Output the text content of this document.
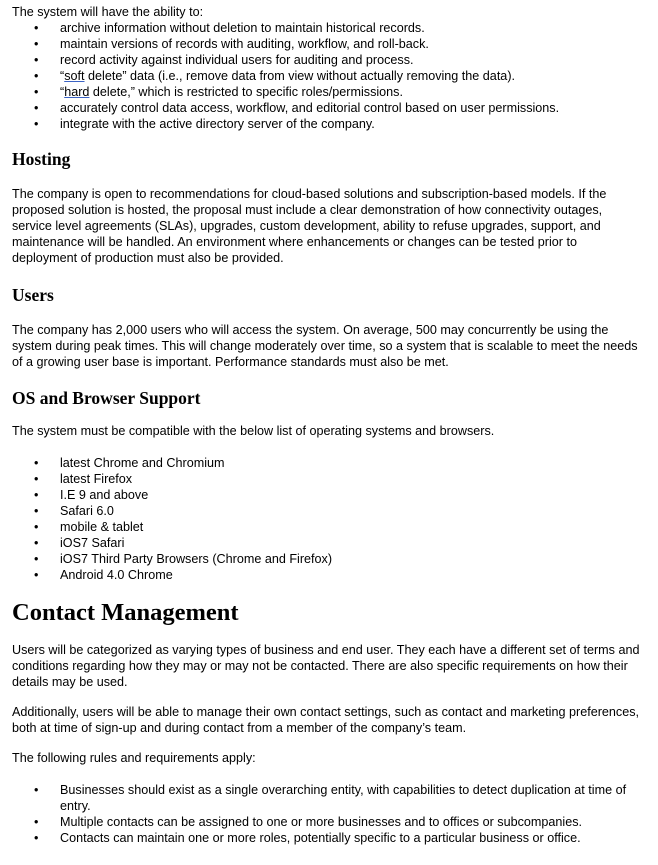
The system will have the ability to:

• archive information without deletion to maintain historical records.
• maintain versions of records with auditing, workflow, and roll-back.
• record activity against individual users for auditing and process.
• “soft delete” data (i.e., remove data from view without actually removing the data).
• “hard delete,” which is restricted to specific roles/permissions.
• accurately control data access, workflow, and editorial control based on user permissions.
• integrate with the active directory server of the company.
Hosting

The company is open to recommendations for cloud-based solutions and subscription-based models. If the proposed solution is hosted, the proposal must include a clear demonstration of how connectivity outages, service level agreements (SLAs), upgrades, custom development, ability to refuse upgrades, support, and maintenance will be handled. An environment where enhancements or changes can be tested prior to deployment of production must also be provided.

Users

The company has 2,000 users who will access the system. On average, 500 may concurrently be using the system during peak times. This will change moderately over time, so a system that is scalable to meet the needs of a growing user base is important. Performance standards must also be met.

OS and Browser Support

The system must be compatible with the below list of operating systems and browsers.

• latest Chrome and Chromium
• latest Firefox
• I.E 9 and above
• Safari 6.0
• mobile & tablet
• iOS7 Safari
• iOS7 Third Party Browsers (Chrome and Firefox)
• Android 4.0 Chrome
Contact Management

Users will be categorized as varying types of business and end user. They each have a different set of terms and conditions regarding how they may or may not be contacted. There are also specific requirements on how their details may be used.

Additionally, users will be able to manage their own contact settings, such as contact and marketing preferences, both at time of sign-up and during contact from a member of the company’s team.

The following rules and requirements apply:

• Businesses should exist as a single overarching entity, with capabilities to detect duplication at time of entry.
• Multiple contacts can be assigned to one or more businesses and to offices or subcompanies.
• Contacts can maintain one or more roles, potentially specific to a particular business or office.
